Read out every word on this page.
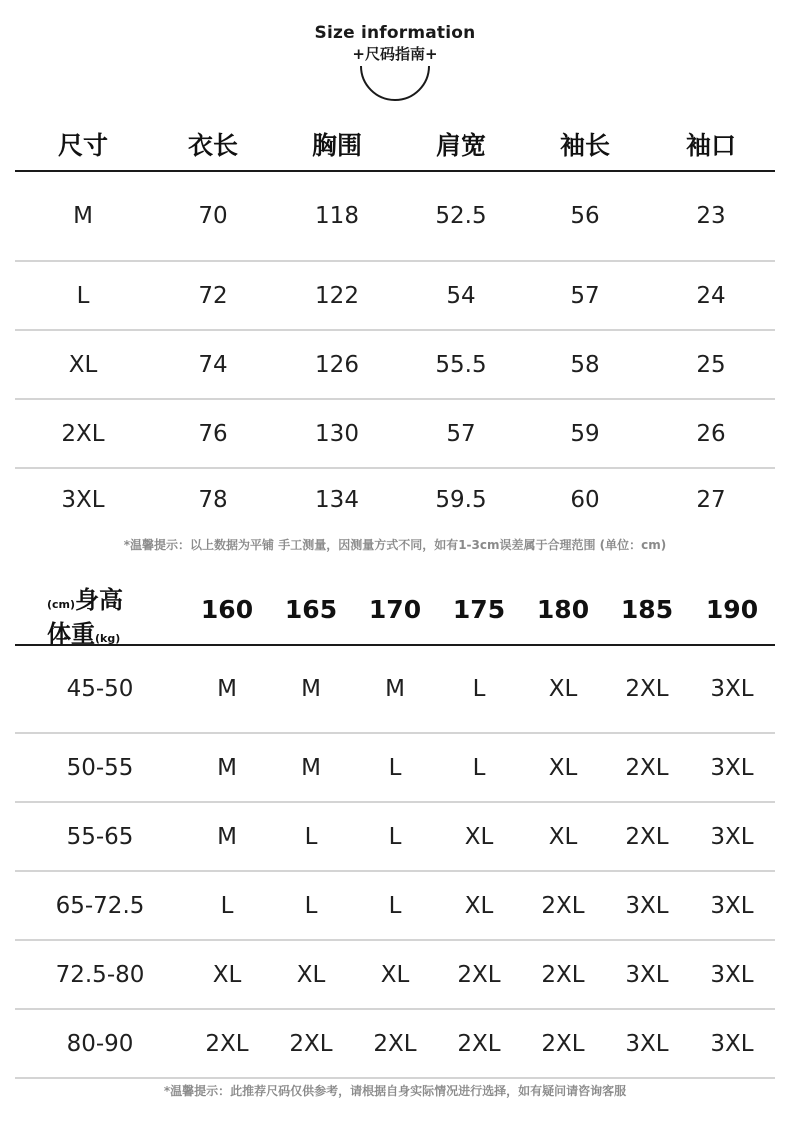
Size information
+尺码指南+
尺寸	衣长	胸围	肩宽	袖长	袖口
M	70	118	52.5	56	23
L	72	122	54	57	24
XL	74	126	55.5	58	25
2XL	76	130	57	59	26
3XL	78	134	59.5	60	27
*温馨提示：以上数据为平铺 手工测量，因测量方式不同，如有1-3cm误差属于合理范围 (单位：cm)
(cm)身高
体重(kg)	160	165	170	175	180	185	190
45-50	M	M	M	L	XL	2XL	3XL
50-55	M	M	L	L	XL	2XL	3XL
55-65	M	L	L	XL	XL	2XL	3XL
65-72.5	L	L	L	XL	2XL	3XL	3XL
72.5-80	XL	XL	XL	2XL	2XL	3XL	3XL
80-90	2XL	2XL	2XL	2XL	2XL	3XL	3XL
*温馨提示：此推荐尺码仅供参考，请根据自身实际情况进行选择，如有疑问请咨询客服
